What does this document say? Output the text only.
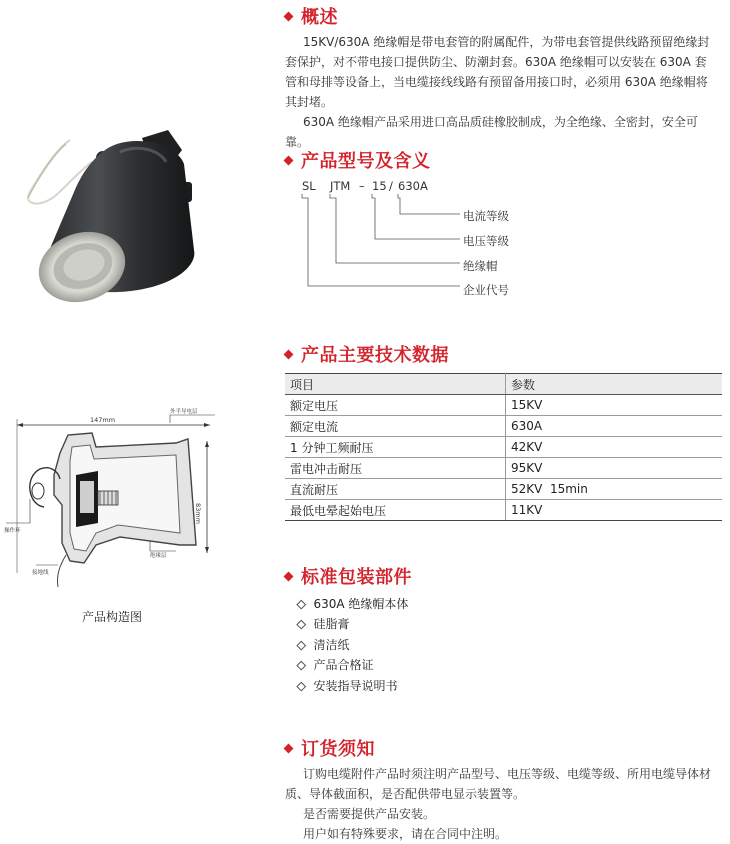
147mm
83mm
外半导电层
操作环
接地线
绝缘层
产品构造图
概述

15KV/630A 绝缘帽是带电套管的附属配件，为带电套管提供线路预留绝缘封套保护，对不带电接口提供防尘、防潮封套。630A 绝缘帽可以安装在 630A 套管和母排等设备上，当电缆接线线路有预留备用接口时，必须用 630A 绝缘帽将其封堵。

630A 绝缘帽产品采用进口高品质硅橡胶制成，为全绝缘、全密封，安全可靠。

产品型号及含义
SL JTM – 15 / 630A
电流等级
电压等级
绝缘帽
企业代号
产品主要技术数据
项目	参数
额定电压	15KV
额定电流	630A
1 分钟工频耐压	42KV
雷电冲击耐压	95KV
直流耐压	52KV  15min
最低电晕起始电压	11KV
标准包装部件
630A 绝缘帽本体
硅脂膏
清洁纸
产品合格证
安装指导说明书
订货须知

订购电缆附件产品时须注明产品型号、电压等级、电缆等级、所用电缆导体材质、导体截面积，是否配供带电显示装置等。

是否需要提供产品安装。

用户如有特殊要求，请在合同中注明。
